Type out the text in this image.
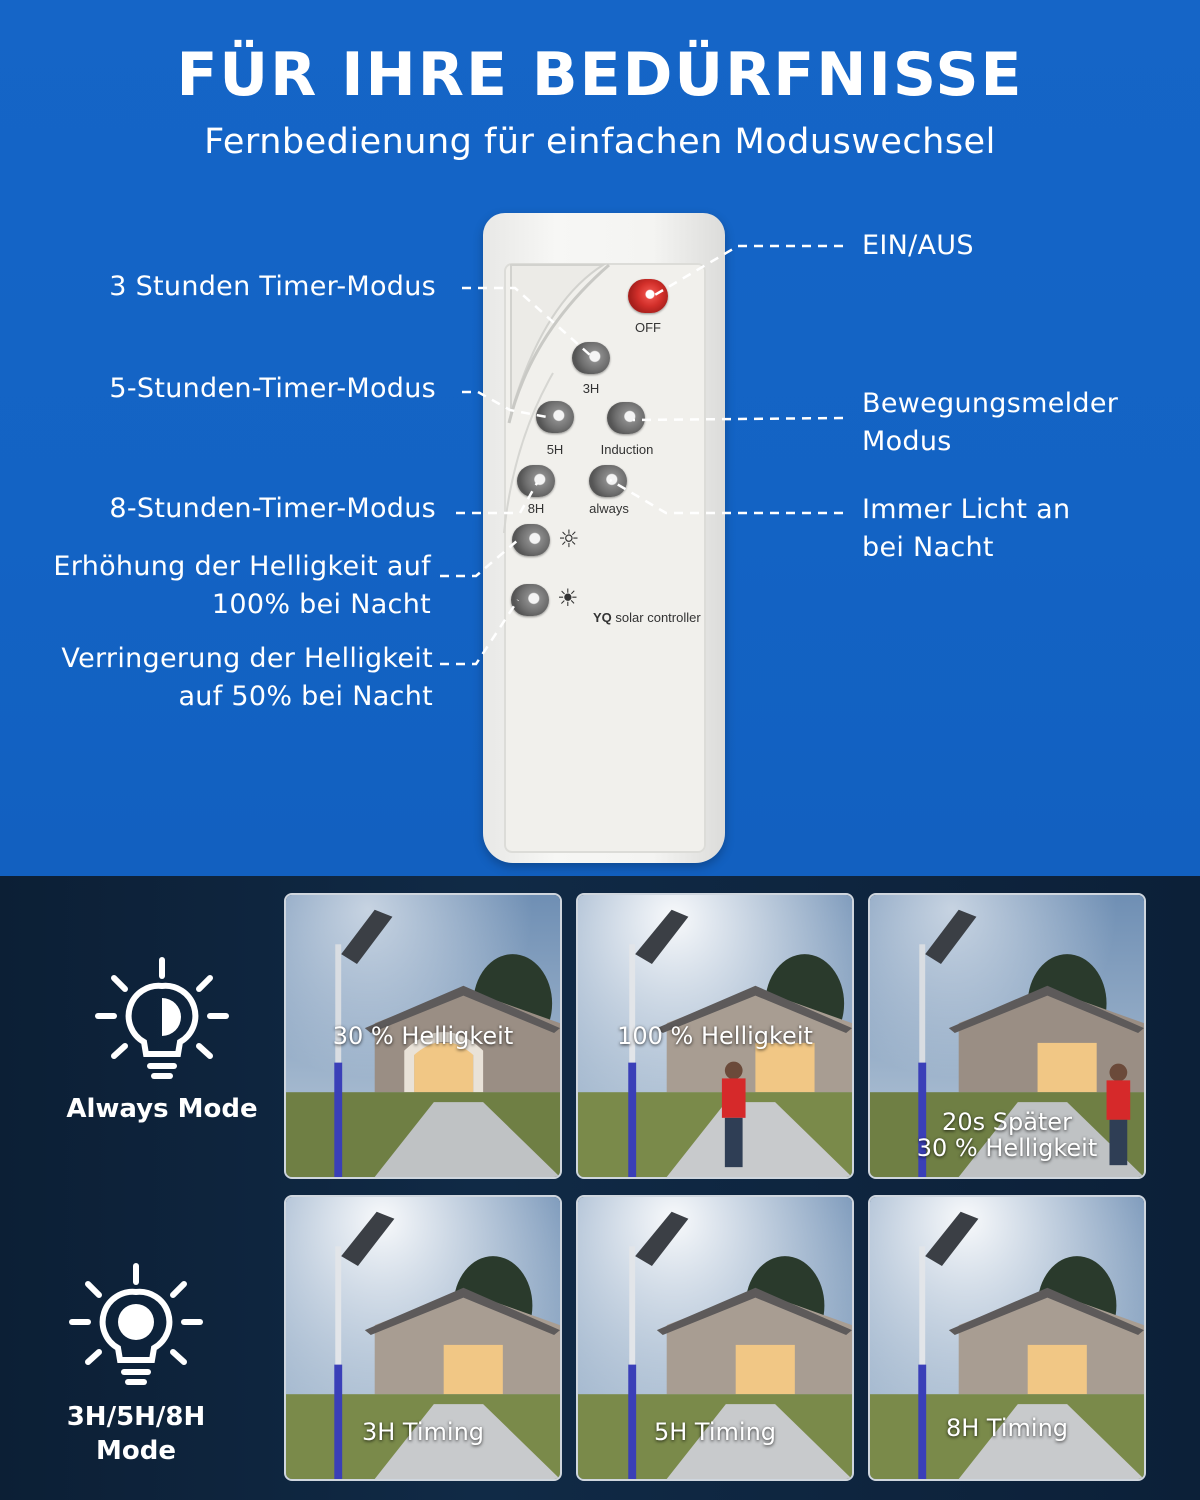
FÜR IHRE BEDÜRFNISSE
Fernbedienung für einfachen Moduswechsel
3 Stunden Timer-Modus
5-Stunden-Timer-Modus
8-Stunden-Timer-Modus
Erhöhung der Helligkeit auf
100% bei Nacht
Verringerung der Helligkeit
auf 50% bei Nacht
EIN/AUS
Bewegungsmelder
Modus
Immer Licht an
bei Nacht
OFF
3H
5H	Induction
8H	always
☼
☀
YQ solar controller
Always Mode
3H/5H/8H
Mode
30 % Helligkeit	100 % Helligkeit
20s Später
30 % Helligkeit
3H Timing	5H Timing	8H Timing
